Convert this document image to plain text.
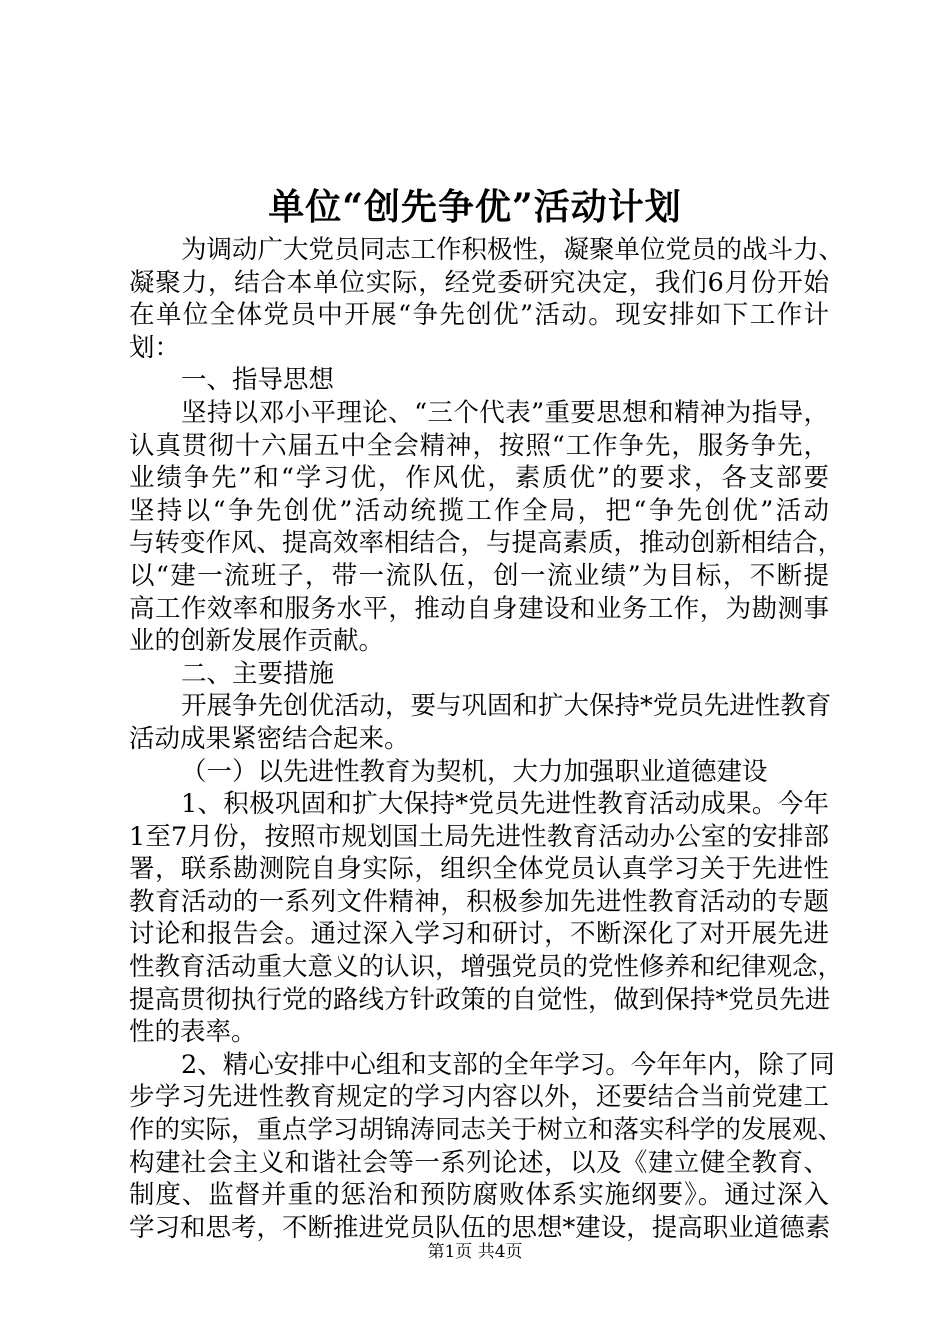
单位“创先争优”活动计划
为调动广大党员同志工作积极性，凝聚单位党员的战斗力、
凝聚力，结合本单位实际，经党委研究决定，我们6月份开始
在单位全体党员中开展“争先创优”活动。现安排如下工作计
划：
一、指导思想
坚持以邓小平理论、“三个代表”重要思想和精神为指导，
认真贯彻十六届五中全会精神，按照“工作争先，服务争先，
业绩争先”和“学习优，作风优，素质优”的要求，各支部要
坚持以“争先创优”活动统揽工作全局，把“争先创优”活动
与转变作风、提高效率相结合，与提高素质，推动创新相结合，
以“建一流班子，带一流队伍，创一流业绩”为目标，不断提
高工作效率和服务水平，推动自身建设和业务工作，为勘测事
业的创新发展作贡献。
二、主要措施
开展争先创优活动，要与巩固和扩大保持*党员先进性教育
活动成果紧密结合起来。
（一）以先进性教育为契机，大力加强职业道德建设
1、积极巩固和扩大保持*党员先进性教育活动成果。今年
1至7月份，按照市规划国土局先进性教育活动办公室的安排部
署，联系勘测院自身实际，组织全体党员认真学习关于先进性
教育活动的一系列文件精神，积极参加先进性教育活动的专题
讨论和报告会。通过深入学习和研讨，不断深化了对开展先进
性教育活动重大意义的认识，增强党员的党性修养和纪律观念，
提高贯彻执行党的路线方针政策的自觉性，做到保持*党员先进
性的表率。
2、精心安排中心组和支部的全年学习。今年年内，除了同
步学习先进性教育规定的学习内容以外，还要结合当前党建工
作的实际，重点学习胡锦涛同志关于树立和落实科学的发展观、
构建社会主义和谐社会等一系列论述，以及《建立健全教育、
制度、监督并重的惩治和预防腐败体系实施纲要》。通过深入
学习和思考，不断推进党员队伍的思想*建设，提高职业道德素
第1页 共4页
